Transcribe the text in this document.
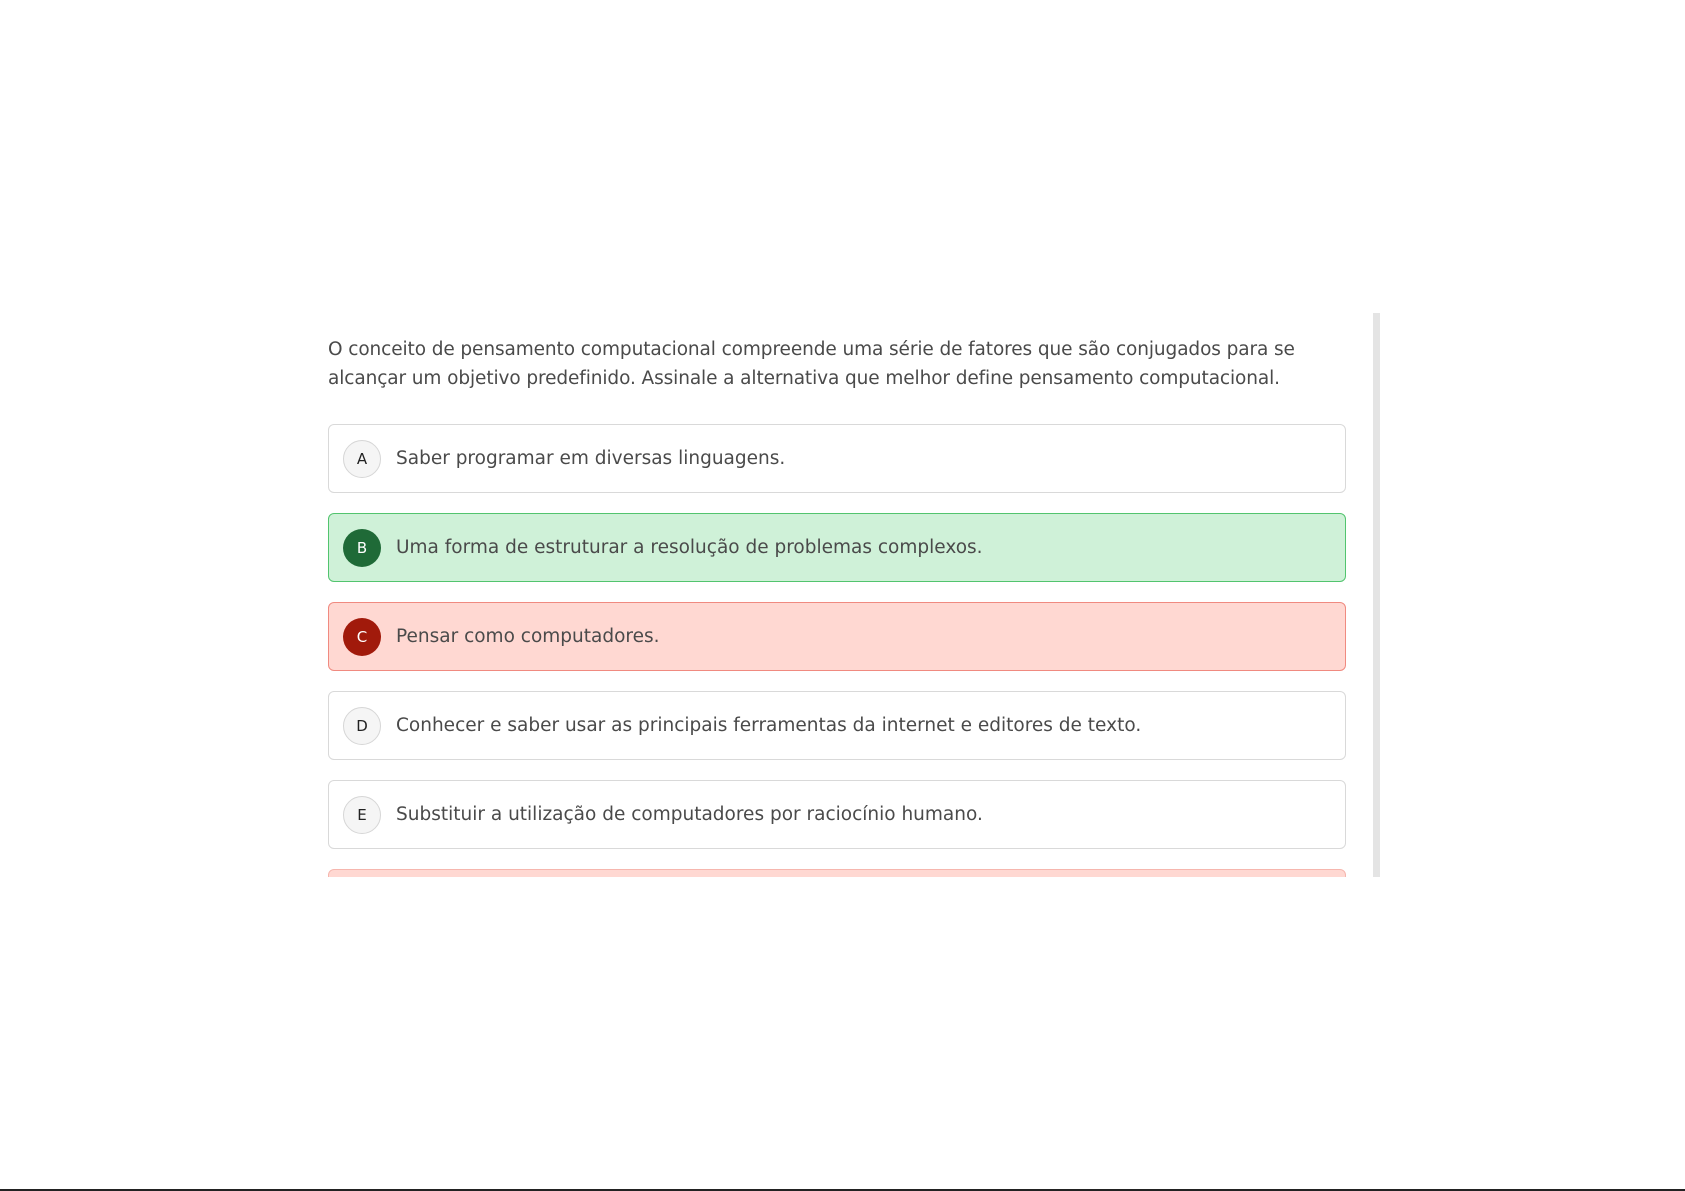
O conceito de pensamento computacional compreende uma série de fatores que são conjugados para se alcançar um objetivo predefinido. Assinale a alternativa que melhor define pensamento computacional.

A	Saber programar em diversas linguagens.
B	Uma forma de estruturar a resolução de problemas complexos.
C	Pensar como computadores.
D	Conhecer e saber usar as principais ferramentas da internet e editores de texto.
E	Substituir a utilização de computadores por raciocínio humano.
